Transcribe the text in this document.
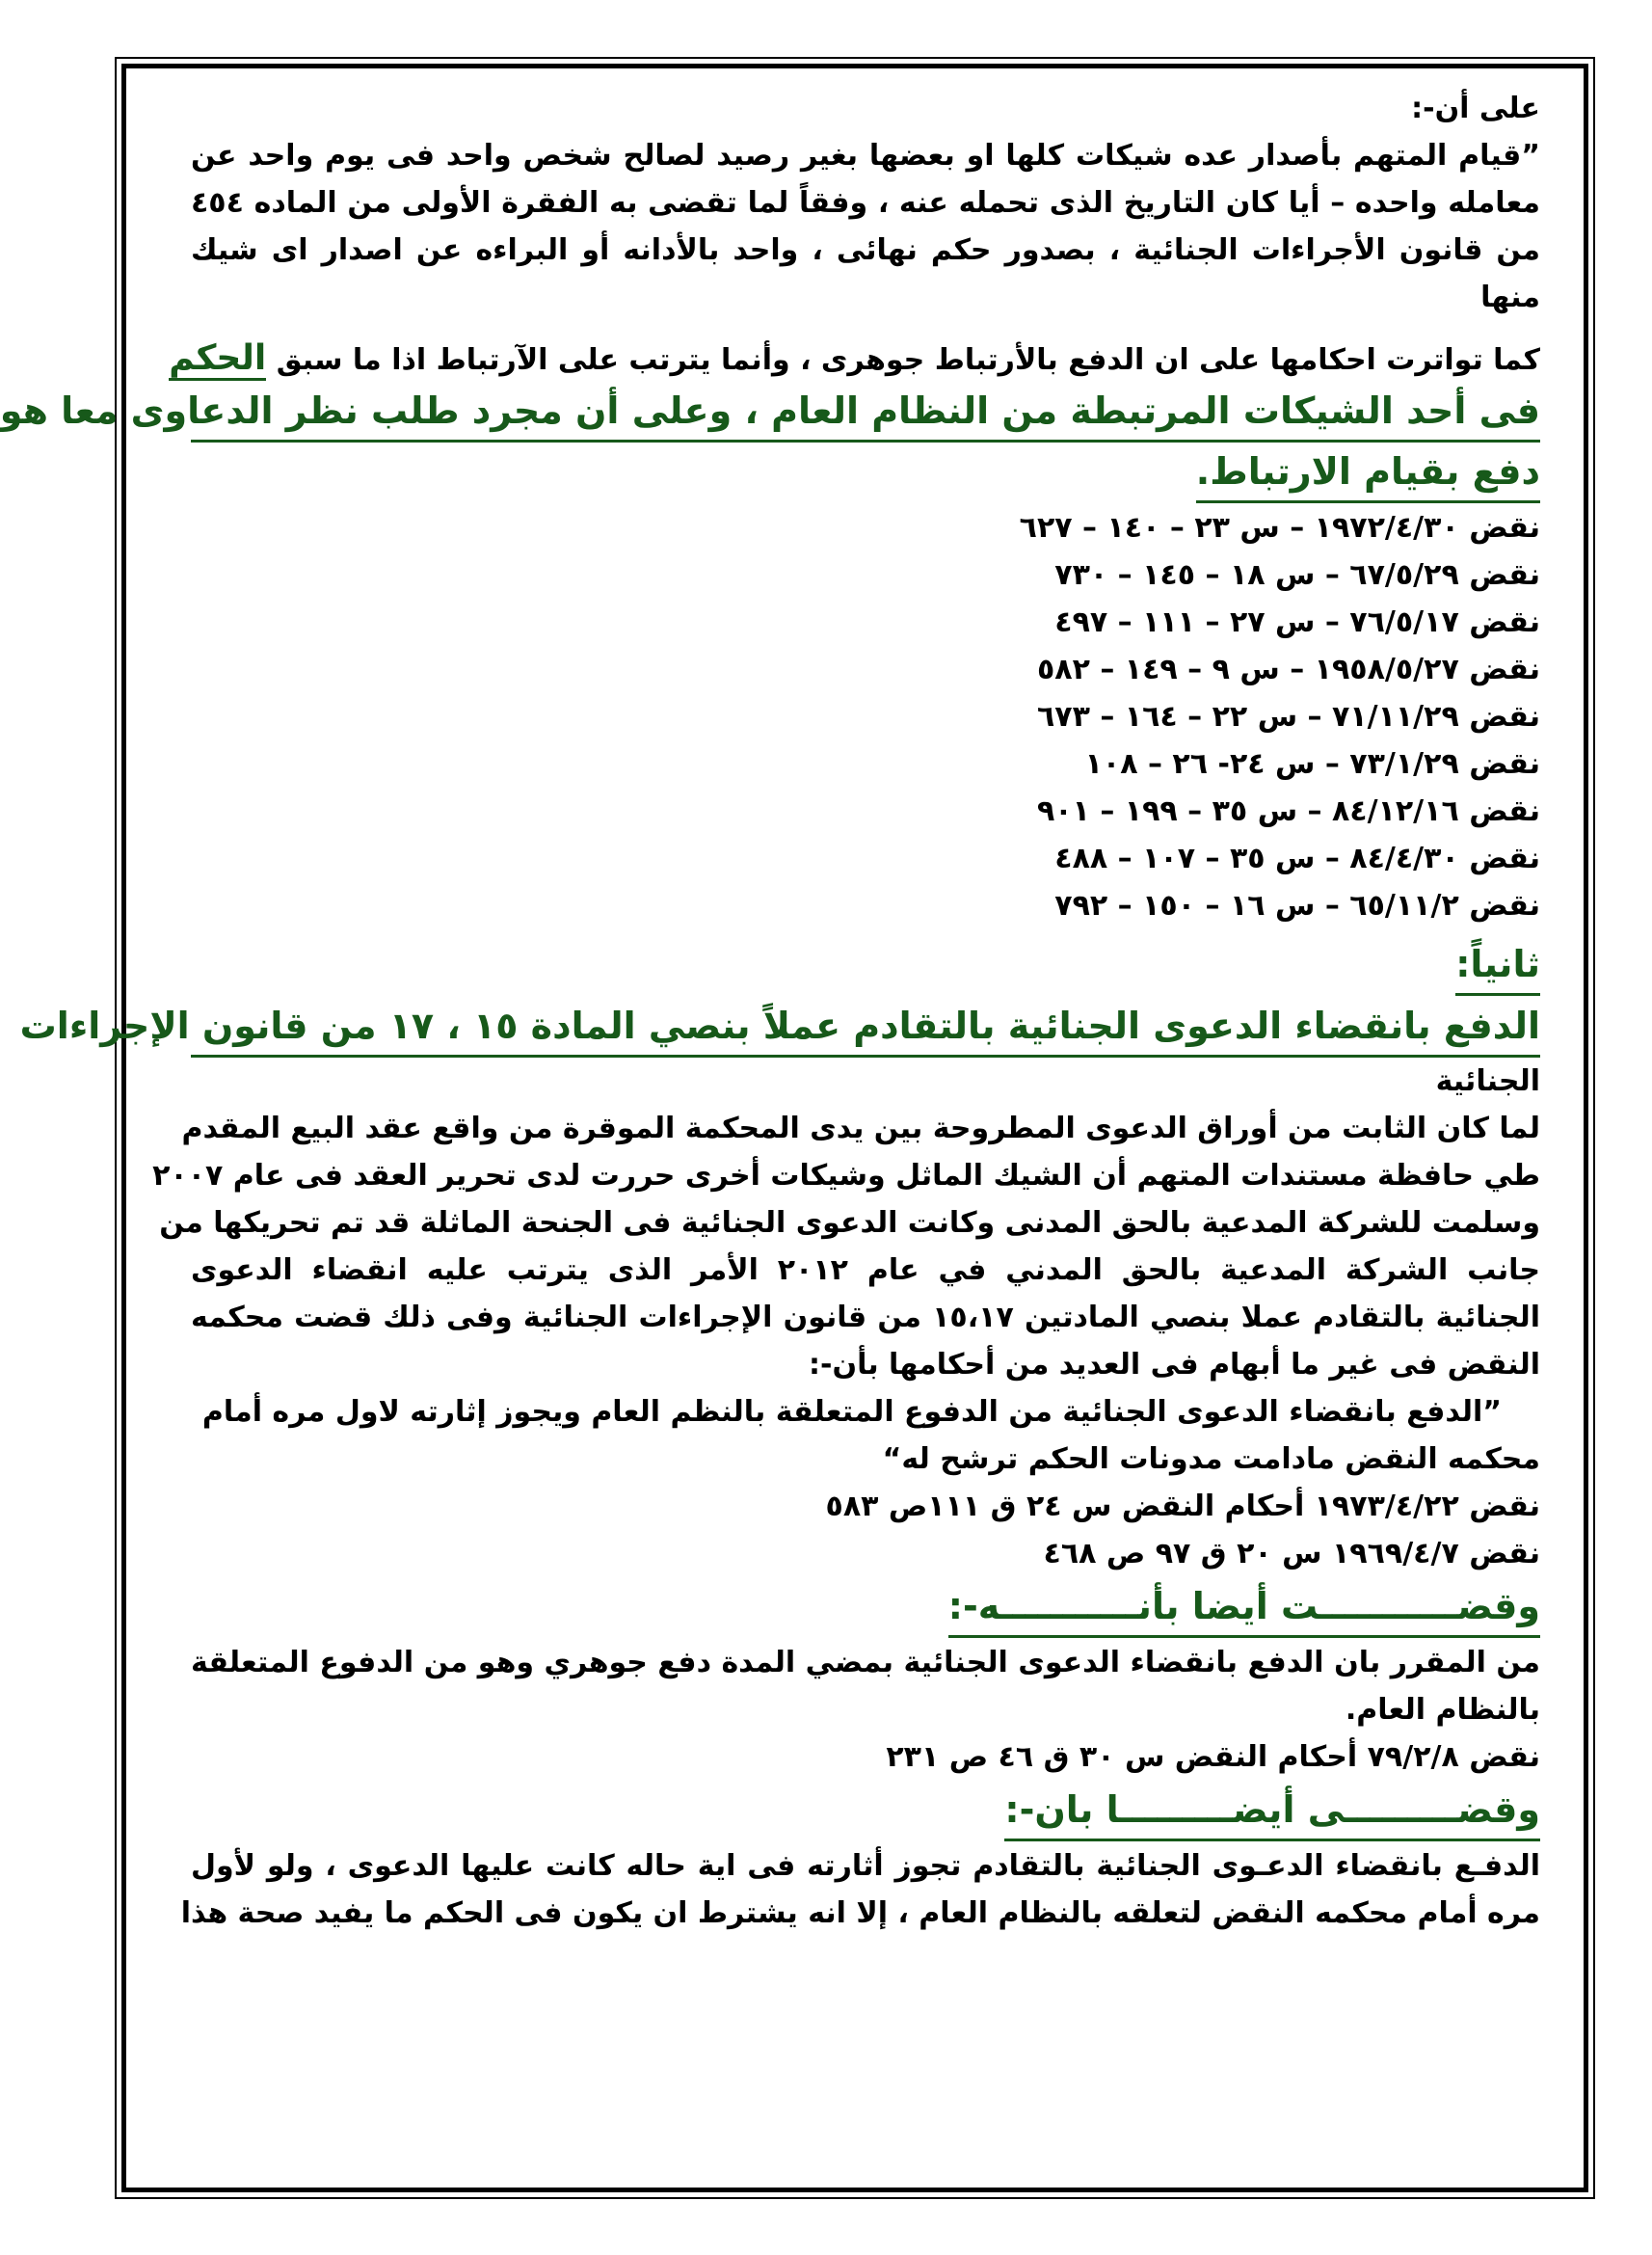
على أن-:
”قيام المتهم بأصدار عده شيكات كلها او بعضها بغير رصيد لصالح شخص واحد فى يوم واحد عن
معامله واحده – أيا كان التاريخ الذى تحمله عنه ، وفقاً لما تقضى به الفقرة الأولى من الماده ٤٥٤
من قانون الأجراءات الجنائية ، بصدور حكم نهائى ، واحد بالأدانه أو البراءه عن اصدار اى شيك
منها
كما تواترت احكامها على ان الدفع بالأرتباط جوهرى ، وأنما يترتب على الآرتباط اذا ما سبق الحكم
فى أحد الشيكات المرتبطة من النظام العام ، وعلى أن مجرد طلب نظر الدعاوى معا هو
دفع بقيام الارتباط.
نقض ١٩٧٢/٤/٣٠ – س ٢٣ – ١٤٠ – ٦٢٧
نقض ٦٧/٥/٢٩ – س ١٨ – ١٤٥ – ٧٣٠
نقض ٧٦/٥/١٧ – س ٢٧ – ١١١ – ٤٩٧
نقض ١٩٥٨/٥/٢٧ – س ٩ – ١٤٩ – ٥٨٢
نقض ٧١/١١/٢٩ – س ٢٢ – ١٦٤ – ٦٧٣
نقض ٧٣/١/٢٩ – س ٢٤- ٢٦ – ١٠٨
نقض ٨٤/١٢/١٦ – س ٣٥ – ١٩٩ – ٩٠١
نقض ٨٤/٤/٣٠ – س ٣٥ – ١٠٧ – ٤٨٨
نقض ٦٥/١١/٢ – س ١٦ – ١٥٠ – ٧٩٢
ثانياً:
الدفع بانقضاء الدعوى الجنائية بالتقادم عملاً بنصي المادة ١٥ ، ١٧ من قانون الإجراءات
الجنائية
لما كان الثابت من أوراق الدعوى المطروحة بين يدى المحكمة الموقرة من واقع عقد البيع المقدم
طي حافظة مستندات المتهم أن الشيك الماثل وشيكات أخرى حررت لدى تحرير العقد فى عام ٢٠٠٧
وسلمت للشركة المدعية بالحق المدنى وكانت الدعوى الجنائية فى الجنحة الماثلة قد تم تحريكها من
جانب الشركة المدعية بالحق المدني في عام ٢٠١٢ الأمر الذى يترتب عليه انقضاء الدعوى
الجنائية بالتقادم عملا بنصي المادتين ١٥،١٧ من قانون الإجراءات الجنائية وفى ذلك قضت محكمه
النقض فى غير ما أبهام فى العديد من أحكامها بأن-:
”الدفع بانقضاء الدعوى الجنائية من الدفوع المتعلقة بالنظم العام ويجوز إثارته لاول مره أمام
محكمه النقض مادامت مدونات الحكم ترشح له“
نقض ١٩٧٣/٤/٢٢ أحكام النقض س ٢٤ ق ١١١ص ٥٨٣
نقض ١٩٦٩/٤/٧ س ٢٠ ق ٩٧ ص ٤٦٨
وقضـــــــــــت أيضا بأنـــــــــــه-:
من المقرر بان الدفع بانقضاء الدعوى الجنائية بمضي المدة دفع جوهري وهو من الدفوع المتعلقة
بالنظام العام.
نقض ٧٩/٢/٨ أحكام النقض س ٣٠ ق ٤٦ ص ٢٣١
وقضـــــــــى أيضـــــــــا بان-:
الدفـع بانقضاء الدعـوى الجنائية بالتقادم تجوز أثارته فى اية حاله كانت عليها الدعوى ، ولو لأول
مره أمام محكمه النقض لتعلقه بالنظام العام ، إلا انه يشترط ان يكون فى الحكم ما يفيد صحة هذا
